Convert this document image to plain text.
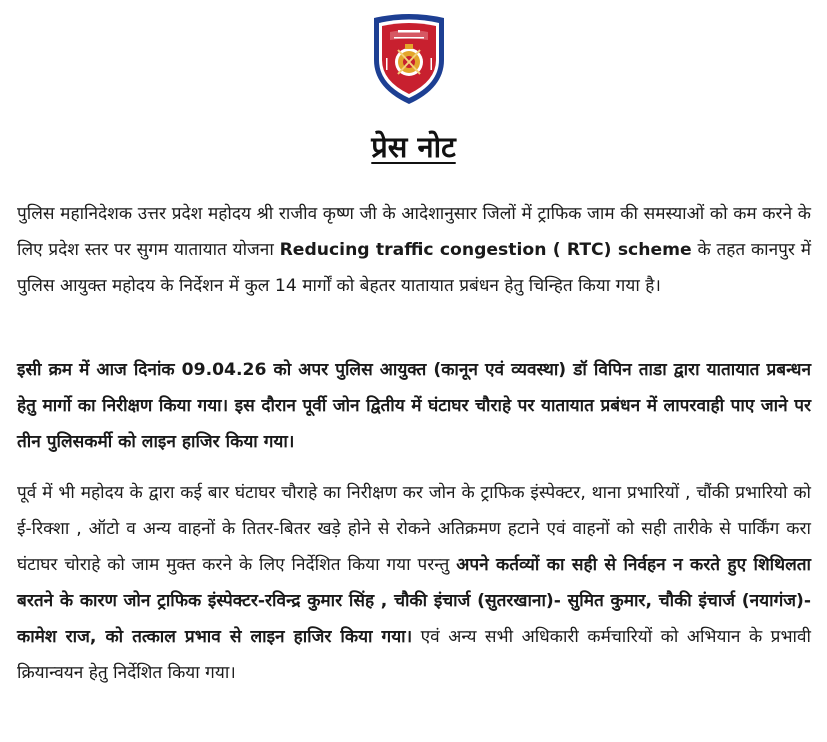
प्रेस नोट

पुलिस महानिदेशक उत्तर प्रदेश महोदय श्री राजीव कृष्ण जी के आदेशानुसार जिलों में ट्राफिक जाम की समस्याओं को कम करने के लिए प्रदेश स्तर पर सुगम यातायात योजना Reducing traffic congestion ( RTC) scheme के तहत कानपुर में पुलिस आयुक्त महोदय के निर्देशन में कुल 14 मार्गों को बेहतर यातायात प्रबंधन हेतु चिन्हित किया गया है।

इसी क्रम में आज दिनांक 09.04.26 को अपर पुलिस आयुक्त (कानून एवं व्यवस्था) डॉ विपिन ताडा द्वारा यातायात प्रबन्धन हेतु मार्गो का निरीक्षण किया गया। इस दौरान पूर्वी जोन द्वितीय में घंटाघर चौराहे पर यातायात प्रबंधन में लापरवाही पाए जाने पर तीन पुलिसकर्मी को लाइन हाजिर किया गया।

पूर्व में भी महोदय के द्वारा कई बार घंटाघर चौराहे का निरीक्षण कर जोन के ट्राफिक इंस्पेक्टर, थाना प्रभारियों , चौंकी प्रभारियो को ई-रिक्शा , ऑटो व अन्य वाहनों के तितर-बितर खड़े होने से रोकने अतिक्रमण हटाने एवं वाहनों को सही तारीके से पार्किंग करा घंटाघर चोराहे को जाम मुक्त करने के लिए निर्देशित किया गया परन्तु अपने कर्तव्यों का सही से निर्वहन न करते हुए शिथिलता बरतने के कारण जोन ट्राफिक इंस्पेक्टर-रविन्द्र कुमार सिंह , चौकी इंचार्ज (सुतरखाना)- सुमित कुमार, चौकी इंचार्ज (नयागंज)- कामेश राज, को तत्काल प्रभाव से लाइन हाजिर किया गया। एवं अन्य सभी अधिकारी कर्मचारियों को अभियान के प्रभावी क्रियान्वयन हेतु निर्देशित किया गया।
